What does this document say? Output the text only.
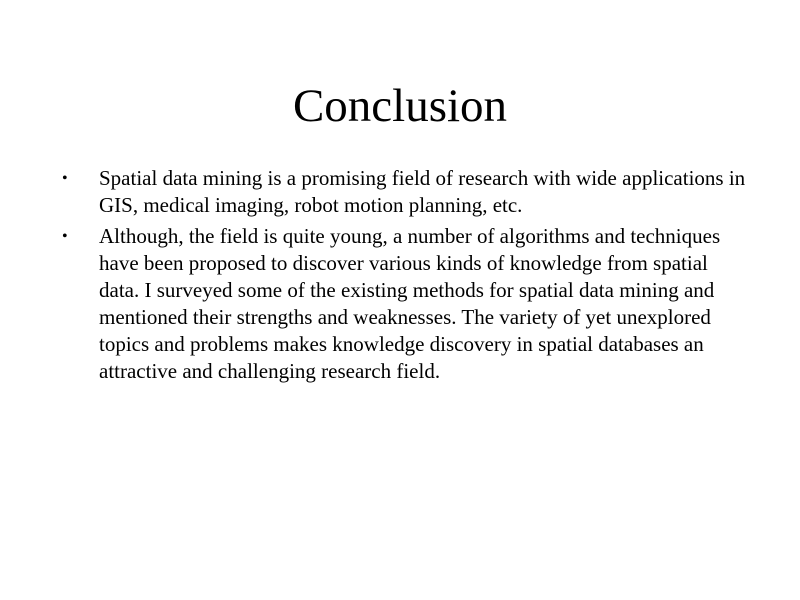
Conclusion
• Spatial data mining is a promising field of research with wide applications in GIS, medical imaging, robot motion planning, etc.
• Although, the field is quite young, a number of algorithms and techniques have been proposed to discover various kinds of knowledge from spatial data. I surveyed some of the existing methods for spatial data mining and mentioned their strengths and weaknesses. The variety of yet unexplored topics and problems makes knowledge discovery in spatial databases an attractive and challenging research field.
